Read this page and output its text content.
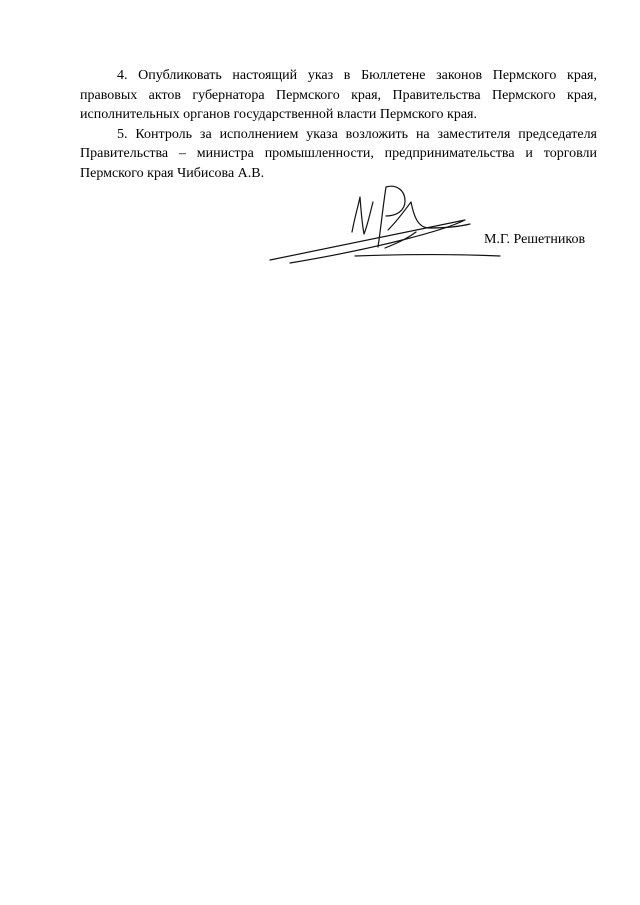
4. Опубликовать настоящий указ в Бюллетене законов Пермского края, правовых актов губернатора Пермского края, Правительства Пермского края, исполнительных органов государственной власти Пермского края.

5. Контроль за исполнением указа возложить на заместителя председателя Правительства – министра промышленности, предпринимательства и торговли Пермского края Чибисова А.В.

М.Г. Решетников
